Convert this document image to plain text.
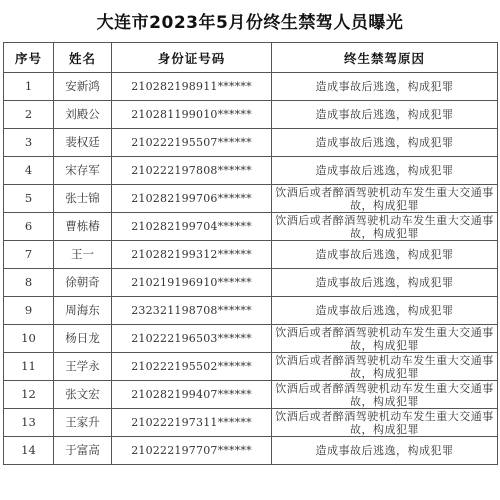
大连市2023年5月份终生禁驾人员曝光
序号	姓名	身份证号码	终生禁驾原因
1	安新鸿	210282198911******	造成事故后逃逸，构成犯罪
2	刘殿公	210281199010******	造成事故后逃逸，构成犯罪
3	裴权廷	210222195507******	造成事故后逃逸，构成犯罪
4	宋存军	210222197808******	造成事故后逃逸，构成犯罪
5	张士锦	210282199706******	饮酒后或者醉酒驾驶机动车发生重大交通事故，构成犯罪
6	曹栋椿	210282199704******	饮酒后或者醉酒驾驶机动车发生重大交通事故，构成犯罪
7	王一	210282199312******	造成事故后逃逸，构成犯罪
8	徐朝奇	210219196910******	造成事故后逃逸，构成犯罪
9	周海东	232321198708******	造成事故后逃逸，构成犯罪
10	杨日龙	210222196503******	饮酒后或者醉酒驾驶机动车发生重大交通事故，构成犯罪
11	王学永	210222195502******	饮酒后或者醉酒驾驶机动车发生重大交通事故，构成犯罪
12	张文宏	210282199407******	饮酒后或者醉酒驾驶机动车发生重大交通事故，构成犯罪
13	王家升	210222197311******	饮酒后或者醉酒驾驶机动车发生重大交通事故，构成犯罪
14	于富高	210222197707******	造成事故后逃逸，构成犯罪
